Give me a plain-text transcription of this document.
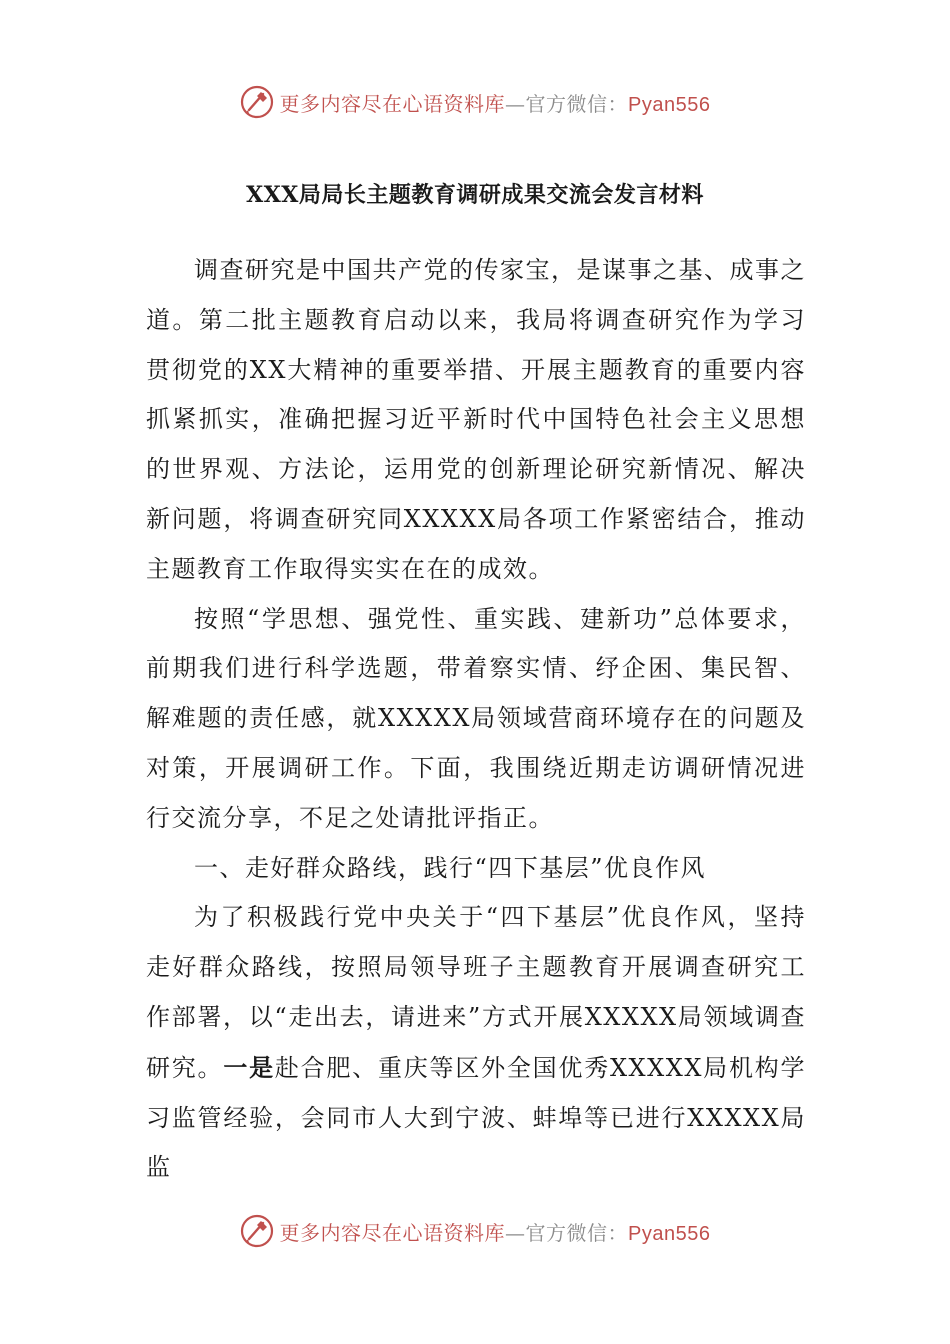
更多内容尽在心语资料库—官方微信：Pyan556
XXX局局长主题教育调研成果交流会发言材料

调查研究是中国共产党的传家宝，是谋事之基、成事之道。第二批主题教育启动以来，我局将调查研究作为学习贯彻党的XX大精神的重要举措、开展主题教育的重要内容抓紧抓实，准确把握习近平新时代中国特色社会主义思想的世界观、方法论，运用党的创新理论研究新情况、解决新问题，将调查研究同XXXXX局各项工作紧密结合，推动主题教育工作取得实实在在的成效。

按照“学思想、强党性、重实践、建新功”总体要求，前期我们进行科学选题，带着察实情、纾企困、集民智、解难题的责任感，就XXXXX局领域营商环境存在的问题及对策，开展调研工作。下面，我围绕近期走访调研情况进行交流分享，不足之处请批评指正。

一、走好群众路线，践行“四下基层”优良作风

为了积极践行党中央关于“四下基层”优良作风，坚持走好群众路线，按照局领导班子主题教育开展调查研究工作部署，以“走出去，请进来”方式开展XXXXX局领域调查研究。一是赴合肥、重庆等区外全国优秀XXXXX局机构学习监管经验，会同市人大到宁波、蚌埠等已进行XXXXX局监

更多内容尽在心语资料库—官方微信：Pyan556
